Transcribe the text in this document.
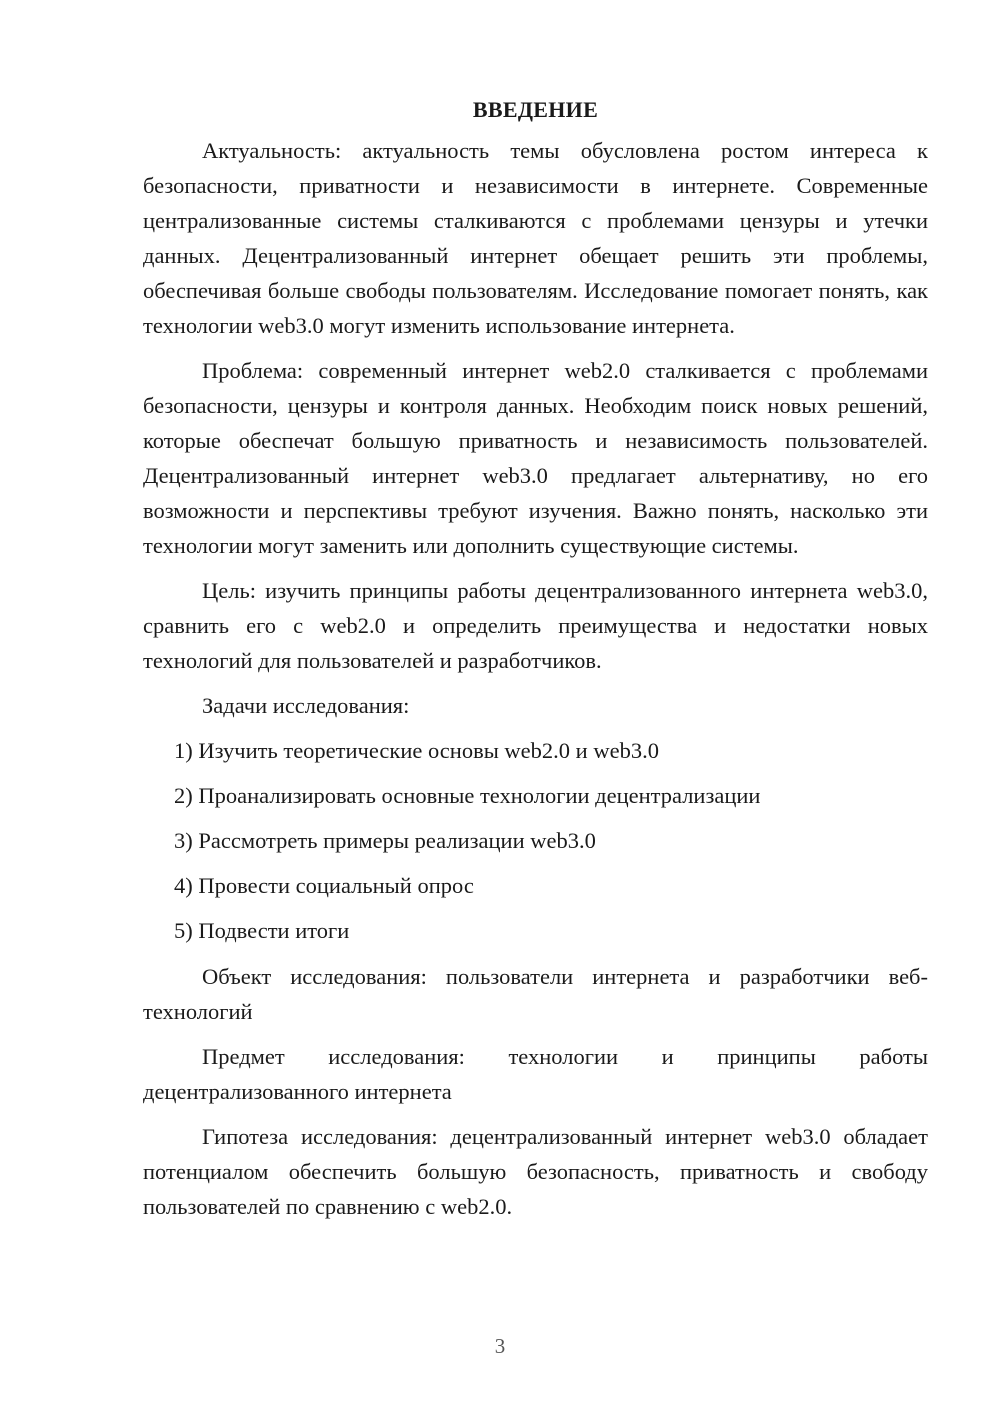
ВВЕДЕНИЕ

Актуальность: актуальность темы обусловлена ростом интереса к безопасности, приватности и независимости в интернете. Современные централизованные системы сталкиваются с проблемами цензуры и утечки данных. Децентрализованный интернет обещает решить эти проблемы, обеспечивая больше свободы пользователям. Исследование помогает понять, как технологии web3.0 могут изменить использование интернета.

Проблема: современный интернет web2.0 сталкивается с проблемами безопасности, цензуры и контроля данных. Необходим поиск новых решений, которые обеспечат большую приватность и независимость пользователей. Децентрализованный интернет web3.0 предлагает альтернативу, но его возможности и перспективы требуют изучения. Важно понять, насколько эти технологии могут заменить или дополнить существующие системы.

Цель: изучить принципы работы децентрализованного интернета web3.0, сравнить его с web2.0 и определить преимущества и недостатки новых технологий для пользователей и разработчиков.

Задачи исследования:

1) Изучить теоретические основы web2.0 и web3.0
2) Проанализировать основные технологии децентрализации
3) Рассмотреть примеры реализации web3.0
4) Провести социальный опрос
5) Подвести итоги

Объект исследования: пользователи интернета и разработчики веб-технологий

Предмет исследования: технологии и принципы работы децентрализованного интернета

Гипотеза исследования: децентрализованный интернет web3.0 обладает потенциалом обеспечить большую безопасность, приватность и свободу пользователей по сравнению с web2.0.

3
